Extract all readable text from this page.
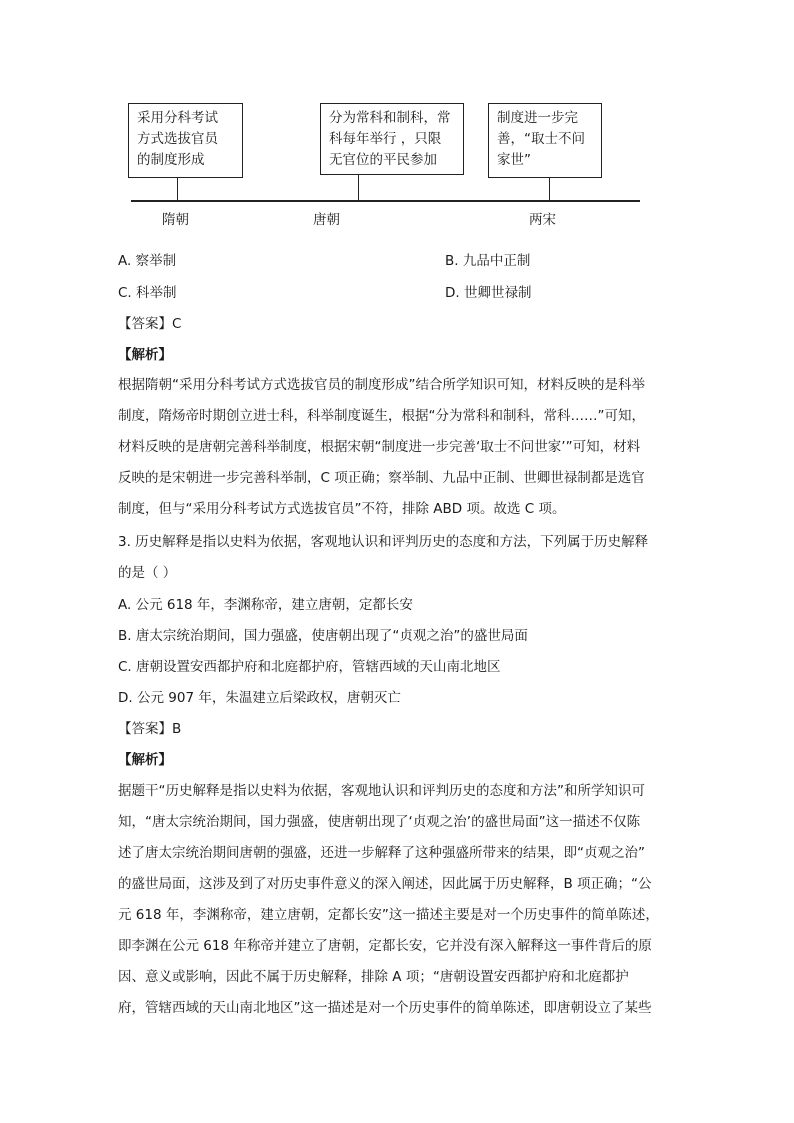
采用分科考试
方式选拔官员
的制度形成
分为常科和制科，常
科每年举行 ，只限
无官位的平民参加
制度进一步完
善，“取士不问
家世”
隋朝	唐朝	两宋
A. 察举制	B. 九品中正制
C. 科举制	D. 世卿世禄制
【答案】C
【解析】
根据隋朝“采用分科考试方式选拔官员的制度形成”结合所学知识可知，材料反映的是科举
制度，隋炀帝时期创立进士科，科举制度诞生，根据“分为常科和制科，常科……”可知，
材料反映的是唐朝完善科举制度，根据宋朝“制度进一步完善‘取士不问世家’”可知，材料
反映的是宋朝进一步完善科举制，C 项正确；察举制、九品中正制、世卿世禄制都是选官
制度，但与“采用分科考试方式选拔官员”不符，排除 ABD 项。故选 C 项。
3. 历史解释是指以史料为依据，客观地认识和评判历史的态度和方法，下列属于历史解释
的是（ ）
A. 公元 618 年，李渊称帝，建立唐朝，定都长安
B. 唐太宗统治期间，国力强盛，使唐朝出现了“贞观之治”的盛世局面
C. 唐朝设置安西都护府和北庭都护府，管辖西域的天山南北地区
D. 公元 907 年，朱温建立后梁政权，唐朝灭亡
【答案】B
【解析】
据题干“历史解释是指以史料为依据，客观地认识和评判历史的态度和方法”和所学知识可
知，“唐太宗统治期间，国力强盛，使唐朝出现了‘贞观之治’的盛世局面”这一描述不仅陈
述了唐太宗统治期间唐朝的强盛，还进一步解释了这种强盛所带来的结果，即“贞观之治”
的盛世局面，这涉及到了对历史事件意义的深入阐述，因此属于历史解释，B 项正确；“公
元 618 年，李渊称帝，建立唐朝，定都长安”这一描述主要是对一个历史事件的简单陈述，
即李渊在公元 618 年称帝并建立了唐朝，定都长安，它并没有深入解释这一事件背后的原
因、意义或影响，因此不属于历史解释，排除 A 项；“唐朝设置安西都护府和北庭都护
府，管辖西域的天山南北地区”这一描述是对一个历史事件的简单陈述，即唐朝设立了某些
